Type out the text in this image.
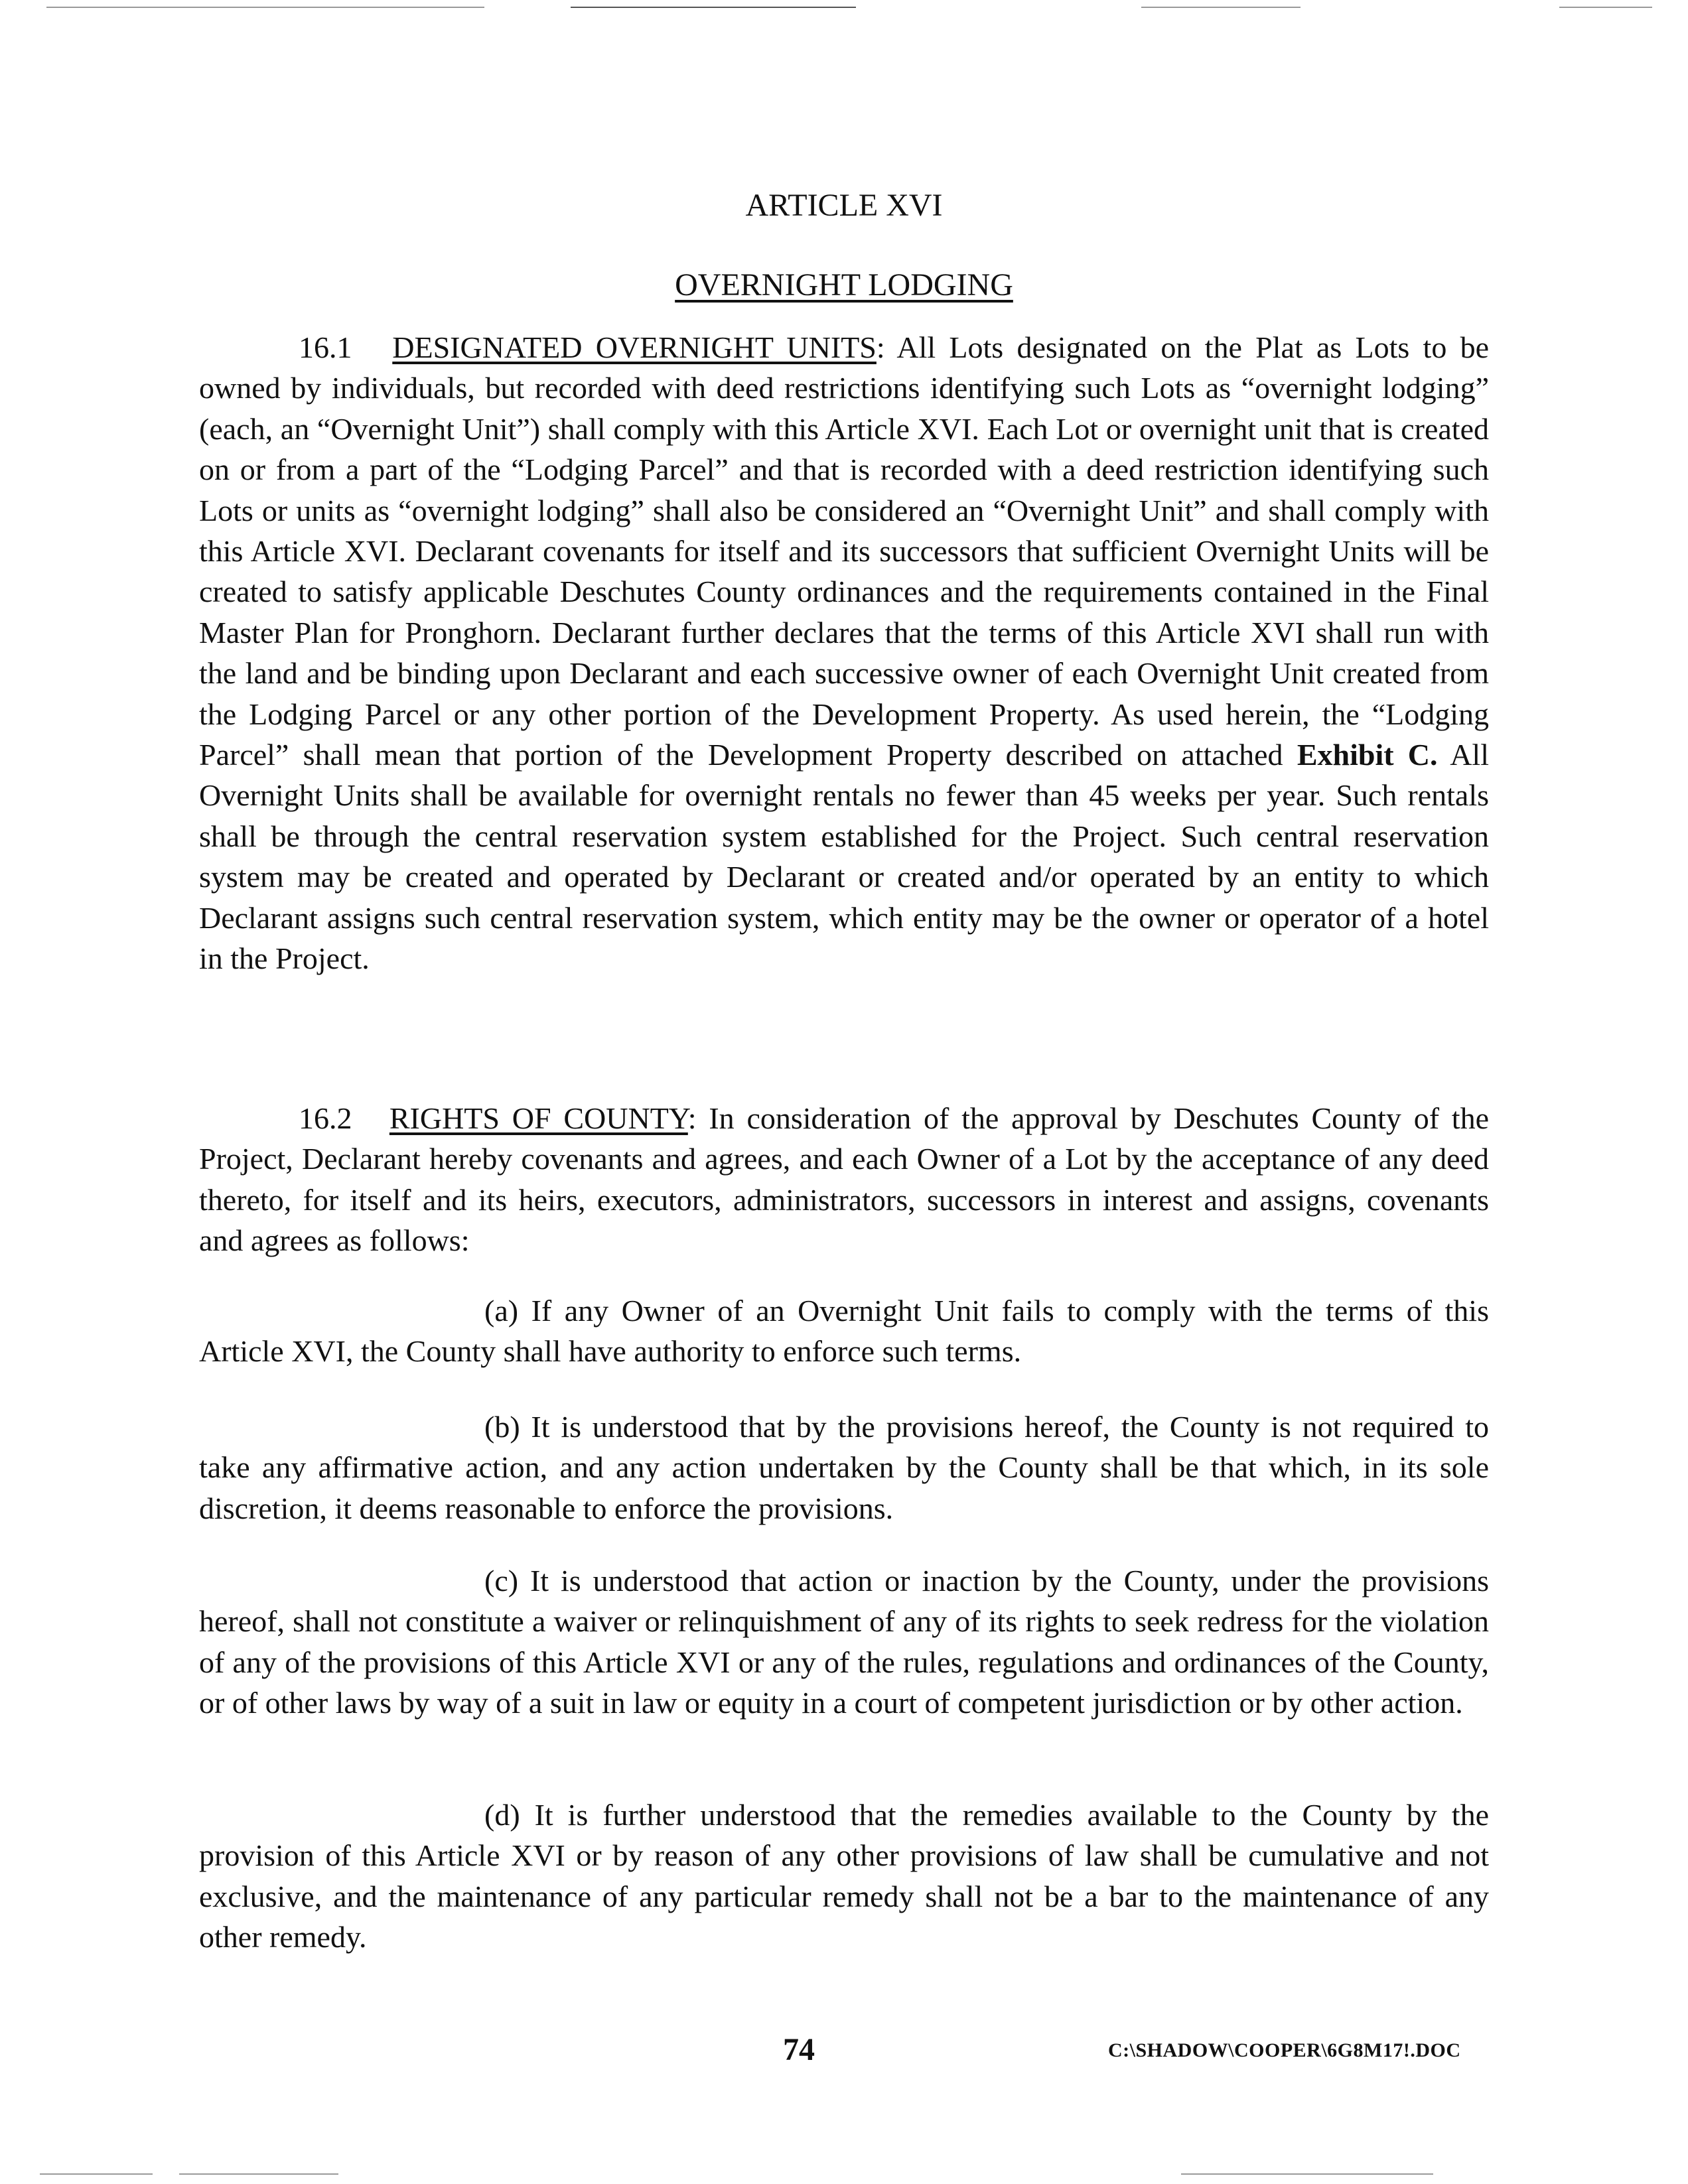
ARTICLE XVI
OVERNIGHT LODGING

16.1 DESIGNATED OVERNIGHT UNITS: All Lots designated on the Plat as Lots to be owned by individuals, but recorded with deed restrictions identifying such Lots as “overnight lodging” (each, an “Overnight Unit”) shall comply with this Article XVI. Each Lot or overnight unit that is created on or from a part of the “Lodging Parcel” and that is recorded with a deed restriction identifying such Lots or units as “overnight lodging” shall also be considered an “Overnight Unit” and shall comply with this Article XVI. Declarant covenants for itself and its successors that sufficient Overnight Units will be created to satisfy applicable Deschutes County ordinances and the requirements contained in the Final Master Plan for Pronghorn. Declarant further declares that the terms of this Article XVI shall run with the land and be binding upon Declarant and each successive owner of each Overnight Unit created from the Lodging Parcel or any other portion of the Development Property. As used herein, the “Lodging Parcel” shall mean that portion of the Development Property described on attached Exhibit C. All Overnight Units shall be available for overnight rentals no fewer than 45 weeks per year. Such rentals shall be through the central reservation system established for the Project. Such central reservation system may be created and operated by Declarant or created and/or operated by an entity to which Declarant assigns such central reservation system, which entity may be the owner or operator of a hotel in the Project.

16.2 RIGHTS OF COUNTY: In consideration of the approval by Deschutes County of the Project, Declarant hereby covenants and agrees, and each Owner of a Lot by the acceptance of any deed thereto, for itself and its heirs, executors, administrators, successors in interest and assigns, covenants and agrees as follows:

(a) If any Owner of an Overnight Unit fails to comply with the terms of this Article XVI, the County shall have authority to enforce such terms.

(b) It is understood that by the provisions hereof, the County is not required to take any affirmative action, and any action undertaken by the County shall be that which, in its sole discretion, it deems reasonable to enforce the provisions.

(c) It is understood that action or inaction by the County, under the provisions hereof, shall not constitute a waiver or relinquishment of any of its rights to seek redress for the violation of any of the provisions of this Article XVI or any of the rules, regulations and ordinances of the County, or of other laws by way of a suit in law or equity in a court of competent jurisdiction or by other action.

(d) It is further understood that the remedies available to the County by the provision of this Article XVI or by reason of any other provisions of law shall be cumulative and not exclusive, and the maintenance of any particular remedy shall not be a bar to the maintenance of any other remedy.

74	C:\SHADOW\COOPER\6G8M17!.DOC
